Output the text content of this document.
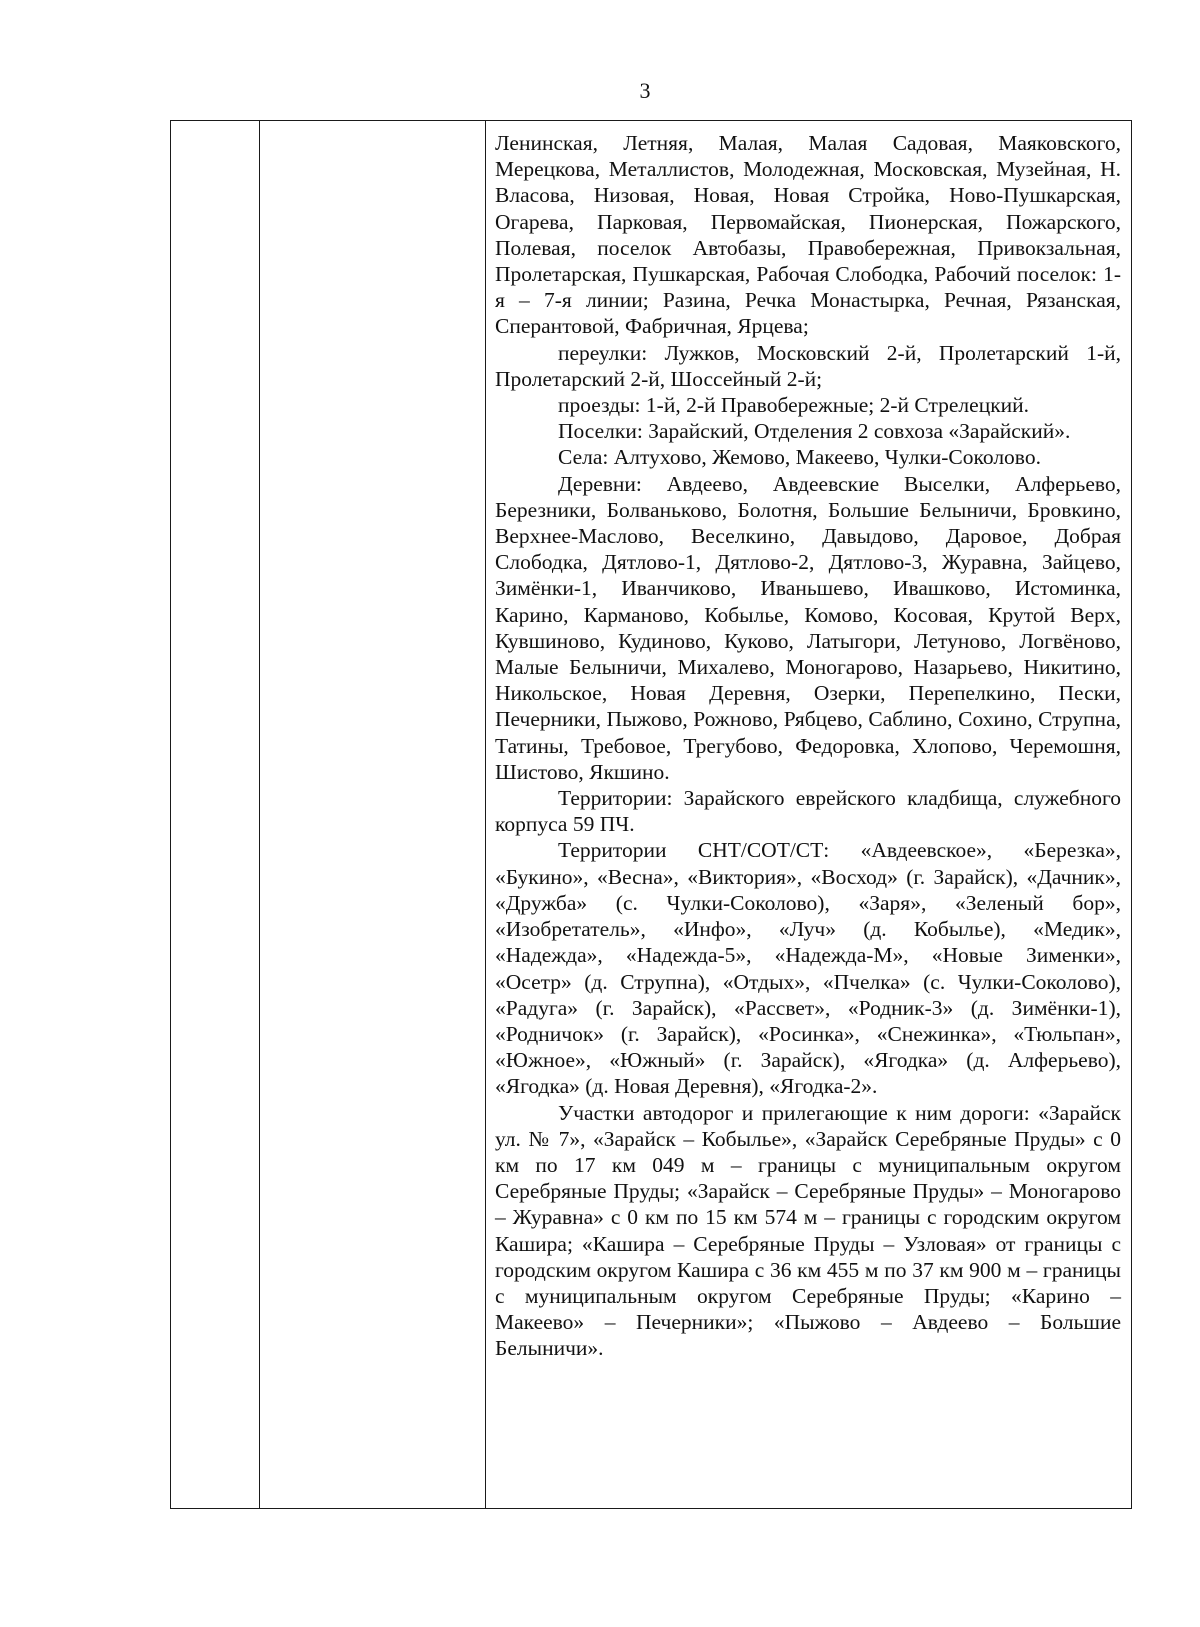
3

Ленинская, Летняя, Малая, Малая Садовая, Маяковского, Мерецкова, Металлистов, Молодежная, Московская, Музейная, Н. Власова, Низовая, Новая, Новая Стройка, Ново-Пушкарская, Огарева, Парковая, Первомайская, Пионерская, Пожарского, Полевая, поселок Автобазы, Правобережная, Привокзальная, Пролетарская, Пушкарская, Рабочая Слободка, Рабочий поселок: 1-я – 7-я линии; Разина, Речка Монастырка, Речная, Рязанская, Сперантовой, Фабричная, Ярцева;

переулки: Лужков, Московский 2-й, Пролетарский 1-й, Пролетарский 2-й, Шоссейный 2-й;

проезды: 1-й, 2-й Правобережные; 2-й Стрелецкий.

Поселки: Зарайский, Отделения 2 совхоза «Зарайский».

Села: Алтухово, Жемово, Макеево, Чулки-Соколово.

Деревни: Авдеево, Авдеевские Выселки, Алферьево, Березники, Болваньково, Болотня, Большие Белыничи, Бровкино, Верхнее-Маслово, Веселкино, Давыдово, Даровое, Добрая Слободка, Дятлово-1, Дятлово-2, Дятлово-3, Журавна, Зайцево, Зимёнки-1, Иванчиково, Иваньшево, Ивашково, Истоминка, Карино, Карманово, Кобылье, Комово, Косовая, Крутой Верх, Кувшиново, Кудиново, Куково, Латыгори, Летуново, Логвёново, Малые Белыничи, Михалево, Моногарово, Назарьево, Никитино, Никольское, Новая Деревня, Озерки, Перепелкино, Пески, Печерники, Пыжово, Рожново, Рябцево, Саблино, Сохино, Струпна, Татины, Требовое, Трегубово, Федоровка, Хлопово, Черемошня, Шистово, Якшино.

Территории: Зарайского еврейского кладбища, служебного корпуса 59 ПЧ.

Территории СНТ/СОТ/СТ: «Авдеевское», «Березка», «Букино», «Весна», «Виктория», «Восход» (г. Зарайск), «Дачник», «Дружба» (с. Чулки-Соколово), «Заря», «Зеленый бор», «Изобретатель», «Инфо», «Луч» (д. Кобылье), «Медик», «Надежда», «Надежда-5», «Надежда-М», «Новые Зименки», «Осетр» (д. Струпна), «Отдых», «Пчелка» (с. Чулки-Соколово), «Радуга» (г. Зарайск), «Рассвет», «Родник-3» (д. Зимёнки-1), «Родничок» (г. Зарайск), «Росинка», «Снежинка», «Тюльпан», «Южное», «Южный» (г. Зарайск), «Ягодка» (д. Алферьево), «Ягодка» (д. Новая Деревня), «Ягодка-2».

Участки автодорог и прилегающие к ним дороги: «Зарайск ул. № 7», «Зарайск – Кобылье», «Зарайск Серебряные Пруды» с 0 км по 17 км 049 м – границы с муниципальным округом Серебряные Пруды; «Зарайск – Серебряные Пруды» – Моногарово – Журавна» с 0 км по 15 км 574 м – границы с городским округом Кашира; «Кашира – Серебряные Пруды – Узловая» от границы с городским округом Кашира с 36 км 455 м по 37 км 900 м – границы с муниципальным округом Серебряные Пруды; «Карино – Макеево» – Печерники»; «Пыжово – Авдеево – Большие Белыничи».
